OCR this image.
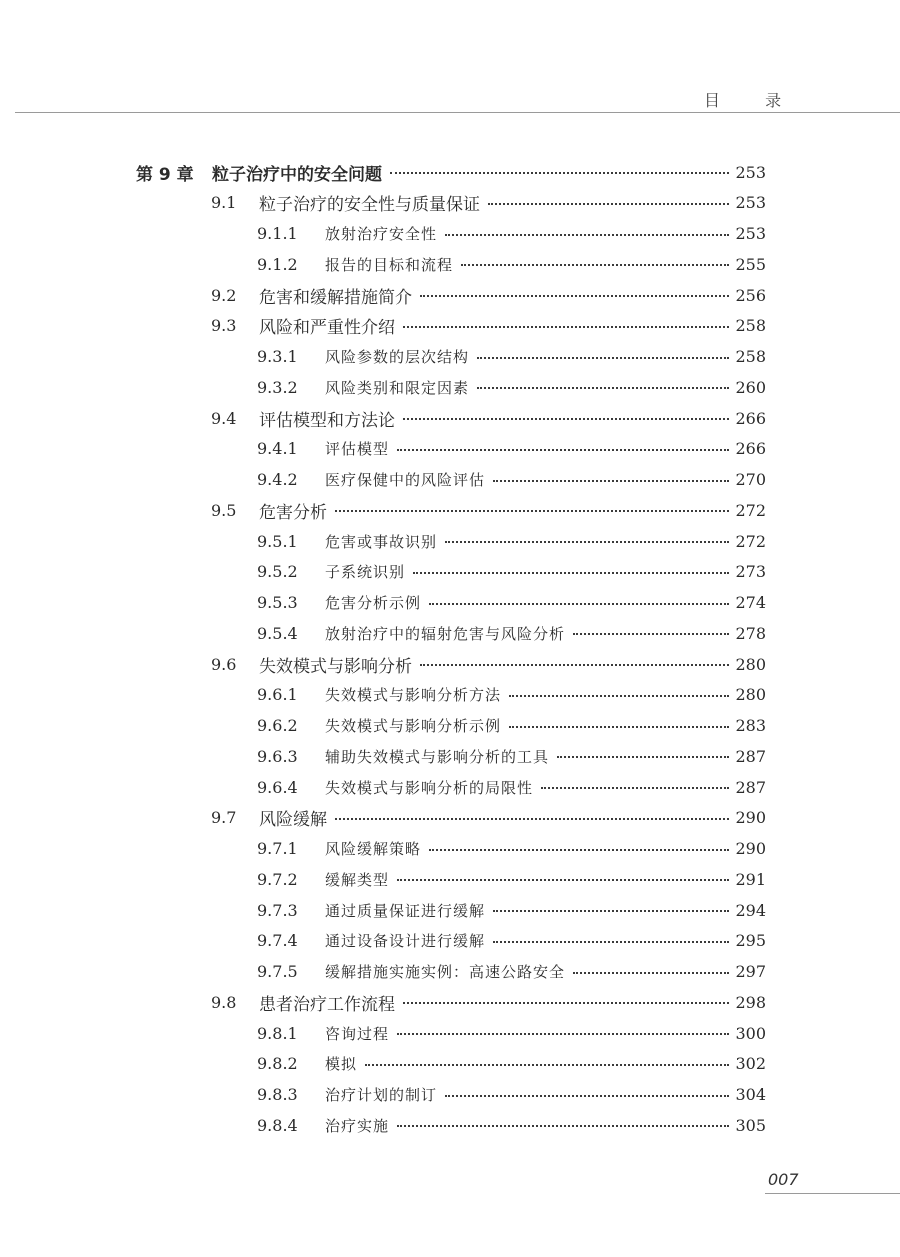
目 录
第 9 章	粒子治疗中的安全问题	253
9.1	粒子治疗的安全性与质量保证	253
9.1.1	放射治疗安全性	253
9.1.2	报告的目标和流程	255
9.2	危害和缓解措施简介	256
9.3	风险和严重性介绍	258
9.3.1	风险参数的层次结构	258
9.3.2	风险类别和限定因素	260
9.4	评估模型和方法论	266
9.4.1	评估模型	266
9.4.2	医疗保健中的风险评估	270
9.5	危害分析	272
9.5.1	危害或事故识别	272
9.5.2	子系统识别	273
9.5.3	危害分析示例	274
9.5.4	放射治疗中的辐射危害与风险分析	278
9.6	失效模式与影响分析	280
9.6.1	失效模式与影响分析方法	280
9.6.2	失效模式与影响分析示例	283
9.6.3	辅助失效模式与影响分析的工具	287
9.6.4	失效模式与影响分析的局限性	287
9.7	风险缓解	290
9.7.1	风险缓解策略	290
9.7.2	缓解类型	291
9.7.3	通过质量保证进行缓解	294
9.7.4	通过设备设计进行缓解	295
9.7.5	缓解措施实施实例：高速公路安全	297
9.8	患者治疗工作流程	298
9.8.1	咨询过程	300
9.8.2	模拟	302
9.8.3	治疗计划的制订	304
9.8.4	治疗实施	305
007
